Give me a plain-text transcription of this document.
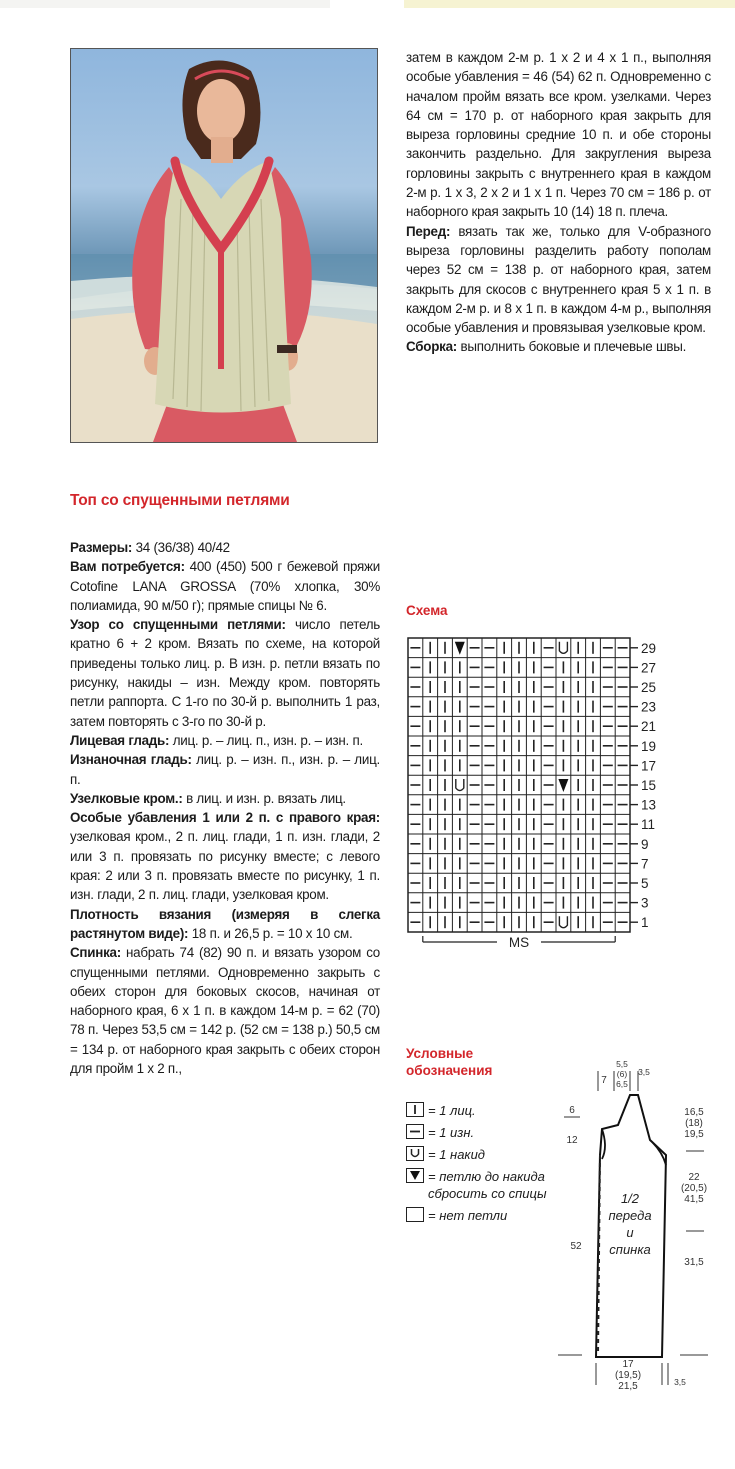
Топ со спущенными петлями

Размеры: 34 (36/38) 40/42

Вам потребуется: 400 (450) 500 г бежевой пряжи Cotofine LANA GROSSA (70% хлопка, 30% полиамида, 90 м/50 г); прямые спицы № 6.

Узор со спущенными петлями: число петель кратно 6 + 2 кром. Вязать по схеме, на которой приведены только лиц. р. В изн. р. петли вязать по рисунку, накиды – изн. Между кром. повторять петли раппорта. С 1-го по 30-й р. выполнить 1 раз, затем повторять с 3-го по 30-й р.

Лицевая гладь: лиц. р. – лиц. п., изн. р. – изн. п.

Изнаночная гладь: лиц. р. – изн. п., изн. р. – лиц. п.

Узелковые кром.: в лиц. и изн. р. вязать лиц.

Особые убавления 1 или 2 п. с правого края: узелковая кром., 2 п. лиц. глади, 1 п. изн. глади, 2 или 3 п. провязать по рисунку вместе; с левого края: 2 или 3 п. провязать вместе по рисунку, 1 п. изн. глади, 2 п. лиц. глади, узелковая кром.

Плотность вязания (измеряя в слегка растянутом виде): 18 п. и 26,5 р. = 10 х 10 см.

Спинка: набрать 74 (82) 90 п. и вязать узором со спущенными петлями. Одновременно закрыть с обеих сторон для боковых скосов, начиная от наборного края, 6 х 1 п. в каждом 14-м р. = 62 (70) 78 п. Через 53,5 см = 142 р. (52 см = 138 р.) 50,5 см = 134 р. от наборного края закрыть с обеих сторон для пройм 1 х 2 п.,

затем в каждом 2-м р. 1 х 2 и 4 х 1 п., выполняя особые убавления = 46 (54) 62 п. Одновременно с началом пройм вязать все кром. узелками. Через 64 см = 170 р. от наборного края закрыть для выреза горловины средние 10 п. и обе стороны закончить раздельно. Для закругления выреза горловины закрыть с внутреннего края в каждом 2-м р. 1 х 3, 2 х 2 и 1 х 1 п. Через 70 см = 186 р. от наборного края закрыть 10 (14) 18 п. плеча.

Перед: вязать так же, только для V-образного выреза горловины разделить работу пополам через 52 см = 138 р. от наборного края, затем закрыть для скосов с внутреннего края 5 х 1 п. в каждом 2-м р. и 8 х 1 п. в каждом 4-м р., выполняя особые убавления и провязывая узелковые кром.

Сборка: выполнить боковые и плечевые швы.

Схема
29
27
25
23
21
19
17
15
13
11
9
7
5
3
1
MS
Условные обозначения
= 1 лиц.
= 1 изн.
= 1 накид
= петлю до накида сбросить со спицы
= нет петли
7
5,5
(6)
6,5
3,5
6
12
16,5
(18)
19,5
22
(20,5)
41,5
31,5
52
1/2
переда
и
спинка
17
(19,5)
21,5	3,5
